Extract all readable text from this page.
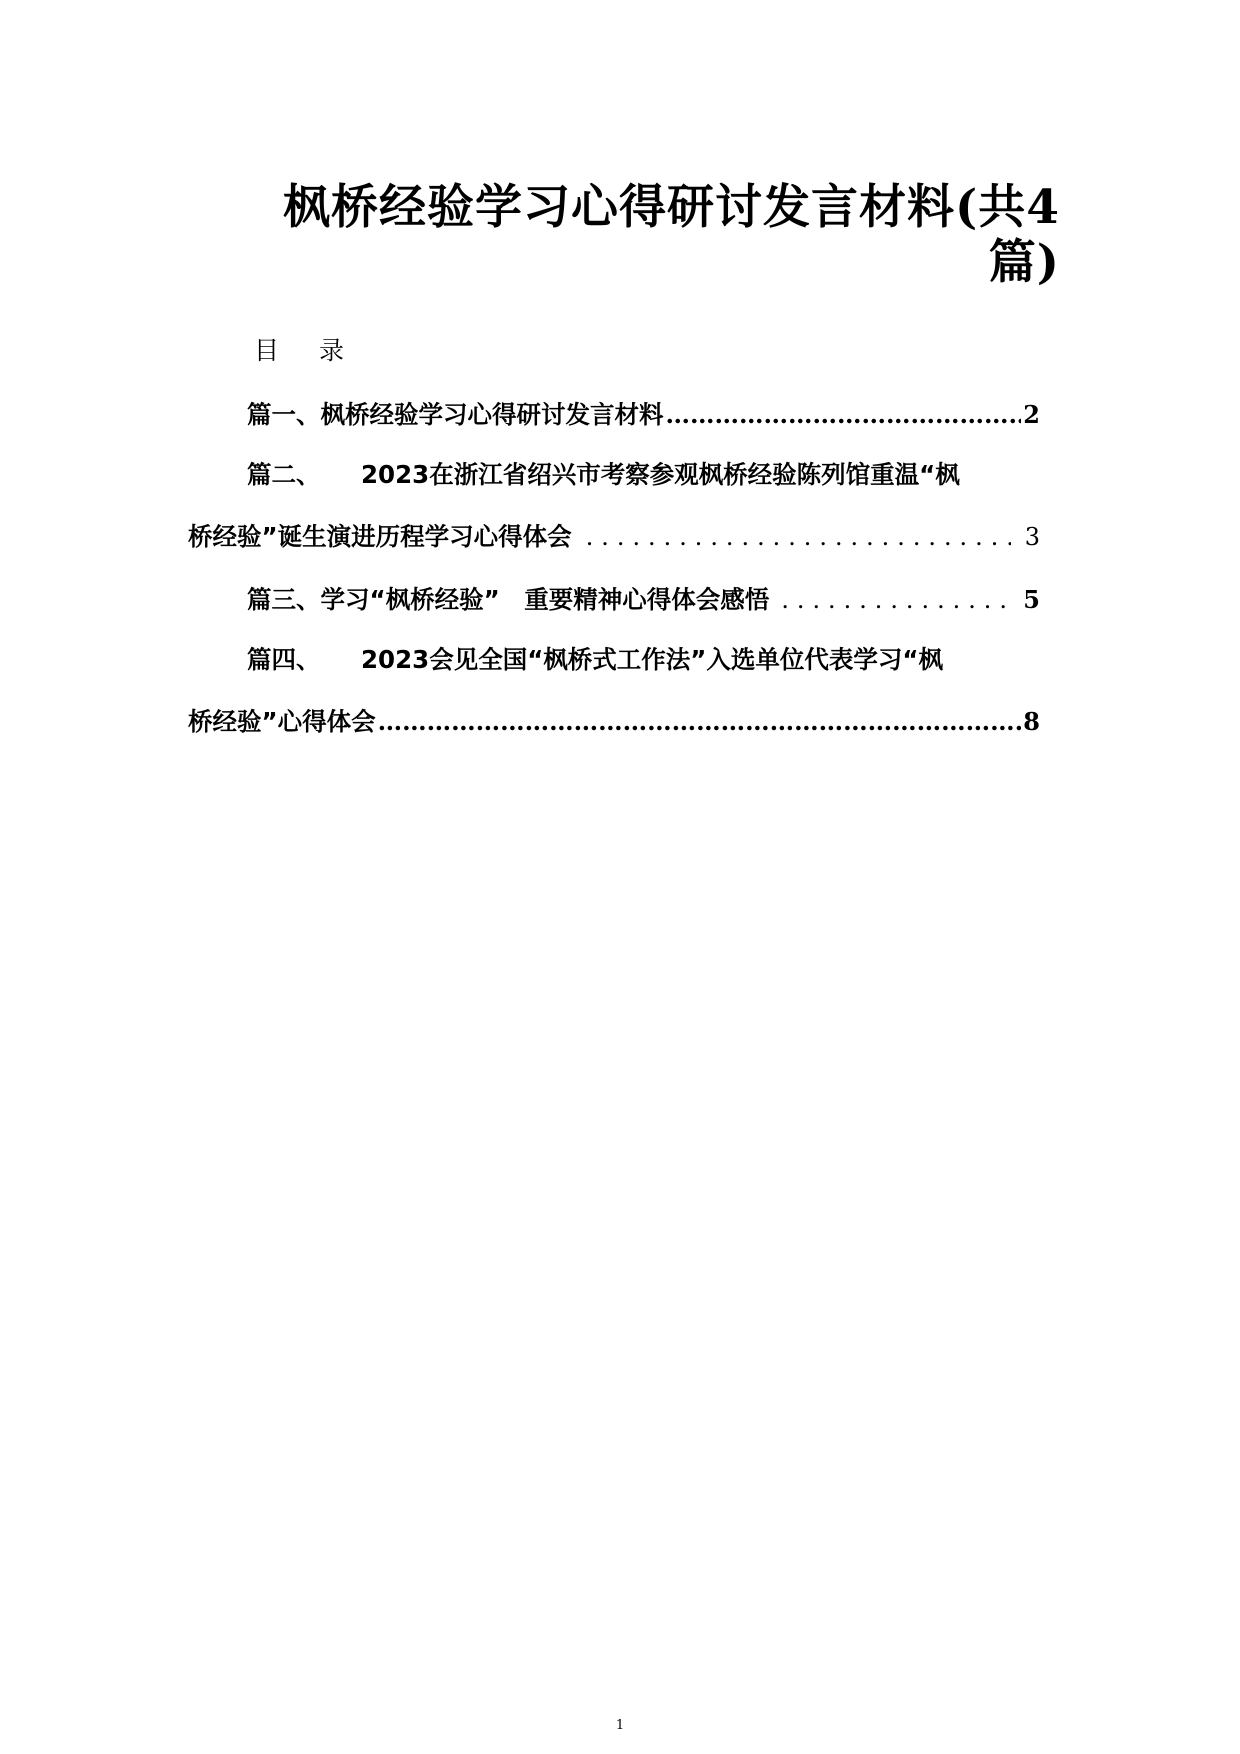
枫桥经验学习心得研讨发言材料(共4篇)
目 录
篇一、 枫桥经验学习心得研讨发言材料 ……………………………………………………………………………………………………………………………………	2
篇二、	2023在浙江省绍兴市考察参观枫桥经验陈列馆重温“枫
桥经验”诞生演进历程学习心得体会 . . .	3
篇三、 学习“枫桥经验”　重要精神心得体会感悟 . . .	5
篇四、	2023会见全国“枫桥式工作法”入选单位代表学习“枫
桥经验”心得体会 ……………………………………………………………………………………………………………………………………	8
1
